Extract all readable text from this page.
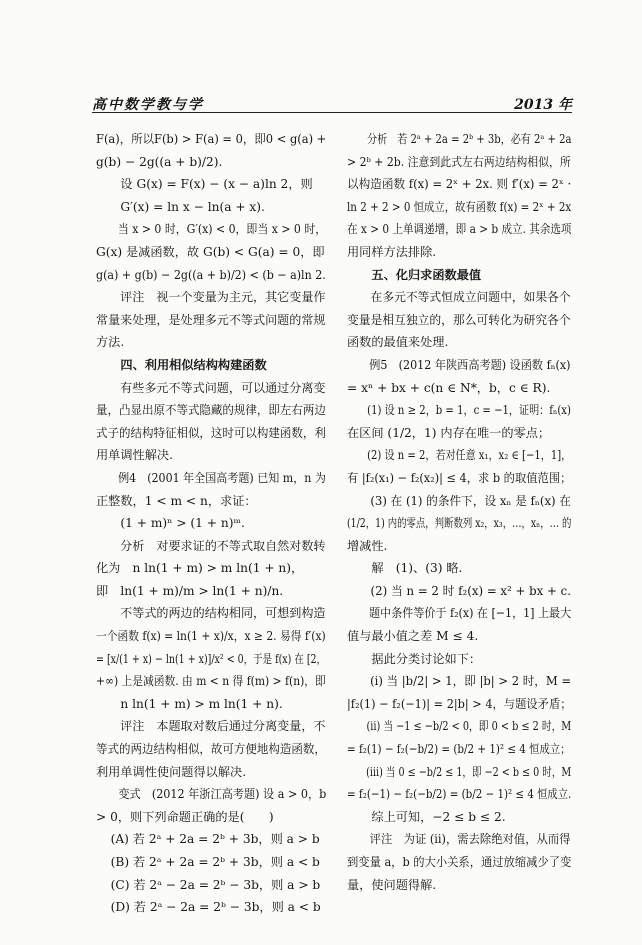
高中数学教与学	2013 年

F(a)，所以F(b) > F(a) = 0，即0 < g(a) +

g(b) − 2g((a + b)/2).

设 G(x) = F(x) − (x − a)ln 2，则

G′(x) = ln x − ln(a + x).

当 x > 0 时，G′(x) < 0，即当 x > 0 时，

G(x) 是减函数，故 G(b) < G(a) = 0，即

g(a) + g(b) − 2g((a + b)/2) < (b − a)ln 2.

评注　视一个变量为主元，其它变量作

常量来处理，是处理多元不等式问题的常规

方法.

四、利用相似结构构建函数

有些多元不等式问题，可以通过分离变

量，凸显出原不等式隐藏的规律，即左右两边

式子的结构特征相似，这时可以构建函数，利

用单调性解决.

例4　(2001 年全国高考题) 已知 m，n 为

正整数，1 < m < n，求证：

(1 + m)ⁿ > (1 + n)ᵐ.

分析　对要求证的不等式取自然对数转

化为　n ln(1 + m) > m ln(1 + n)，

即　ln(1 + m)/m > ln(1 + n)/n.

不等式的两边的结构相同，可想到构造

一个函数 f(x) = ln(1 + x)/x，x ≥ 2. 易得 f′(x)

= [x/(1 + x) − ln(1 + x)]/x² < 0，于是 f(x) 在 [2，

+∞) 上是减函数. 由 m < n 得 f(m) > f(n)，即

n ln(1 + m) > m ln(1 + n).

评注　本题取对数后通过分离变量，不

等式的两边结构相似，故可方便地构造函数，

利用单调性使问题得以解决.

变式　(2012 年浙江高考题) 设 a > 0，b

> 0，则下列命题正确的是(　　)

(A) 若 2ᵃ + 2a = 2ᵇ + 3b，则 a > b

(B) 若 2ᵃ + 2a = 2ᵇ + 3b，则 a < b

(C) 若 2ᵃ − 2a = 2ᵇ − 3b，则 a > b

(D) 若 2ᵃ − 2a = 2ᵇ − 3b，则 a < b

分析　若 2ᵃ + 2a = 2ᵇ + 3b，必有 2ᵃ + 2a

> 2ᵇ + 2b. 注意到此式左右两边结构相似，所

以构造函数 f(x) = 2ˣ + 2x. 则 f′(x) = 2ˣ ·

ln 2 + 2 > 0 恒成立，故有函数 f(x) = 2ˣ + 2x

在 x > 0 上单调递增，即 a > b 成立. 其余选项

用同样方法排除.

五、化归求函数最值

在多元不等式恒成立问题中，如果各个

变量是相互独立的，那么可转化为研究各个

函数的最值来处理.

例5　(2012 年陕西高考题) 设函数 fₙ(x)

= xⁿ + bx + c(n ∈ N*，b，c ∈ R).

(1) 设 n ≥ 2，b = 1，c = −1，证明：fₙ(x)

在区间 (1/2，1) 内存在唯一的零点；

(2) 设 n = 2，若对任意 x₁，x₂ ∈ [−1，1]，

有 |f₂(x₁) − f₂(x₂)| ≤ 4，求 b 的取值范围；

(3) 在 (1) 的条件下，设 xₙ 是 fₙ(x) 在

(1/2，1) 内的零点，判断数列 x₂，x₃，…，xₙ，… 的

增减性.

解　(1)、(3) 略.

(2) 当 n = 2 时 f₂(x) = x² + bx + c.

题中条件等价于 f₂(x) 在 [−1，1] 上最大

值与最小值之差 M ≤ 4.

据此分类讨论如下：

(i) 当 |b/2| > 1，即 |b| > 2 时，M =

|f₂(1) − f₂(−1)| = 2|b| > 4，与题设矛盾；

(ii) 当 −1 ≤ −b/2 < 0，即 0 < b ≤ 2 时，M

= f₂(1) − f₂(−b/2) = (b/2 + 1)² ≤ 4 恒成立；

(iii) 当 0 ≤ −b/2 ≤ 1，即 −2 < b ≤ 0 时，M

= f₂(−1) − f₂(−b/2) = (b/2 − 1)² ≤ 4 恒成立.

综上可知，−2 ≤ b ≤ 2.

评注　为证 (ii)，需去除绝对值，从而得

到变量 a，b 的大小关系，通过放缩减少了变

量，使问题得解.
